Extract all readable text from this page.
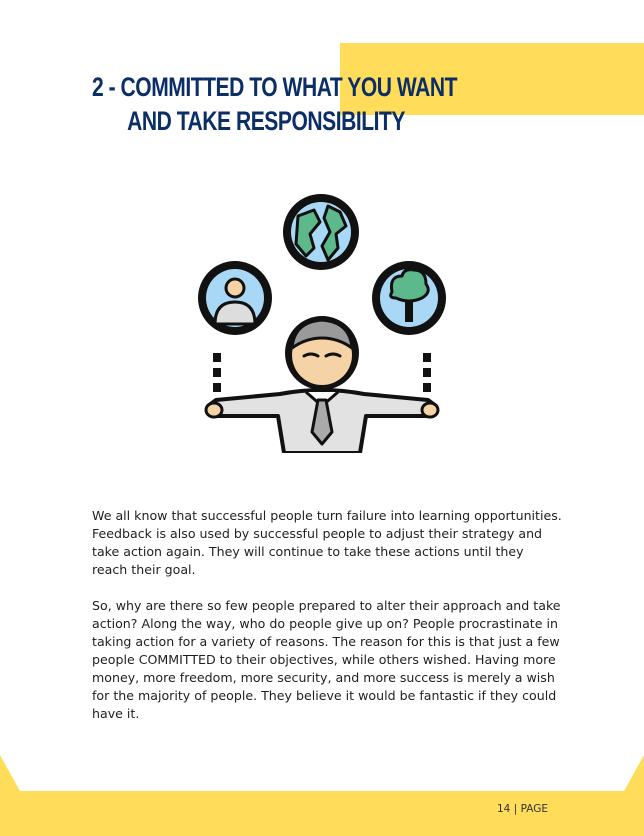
2 - COMMITTED TO WHAT YOU WANT
AND TAKE RESPONSIBILITY

We all know that successful people turn failure into learning opportunities. Feedback is also used by successful people to adjust their strategy and take action again. They will continue to take these actions until they reach their goal.

So, why are there so few people prepared to alter their approach and take action? Along the way, who do people give up on? People procrastinate in taking action for a variety of reasons. The reason for this is that just a few people COMMITTED to their objectives, while others wished. Having more money, more freedom, more security, and more success is merely a wish for the majority of people. They believe it would be fantastic if they could have it.

14 | PAGE
